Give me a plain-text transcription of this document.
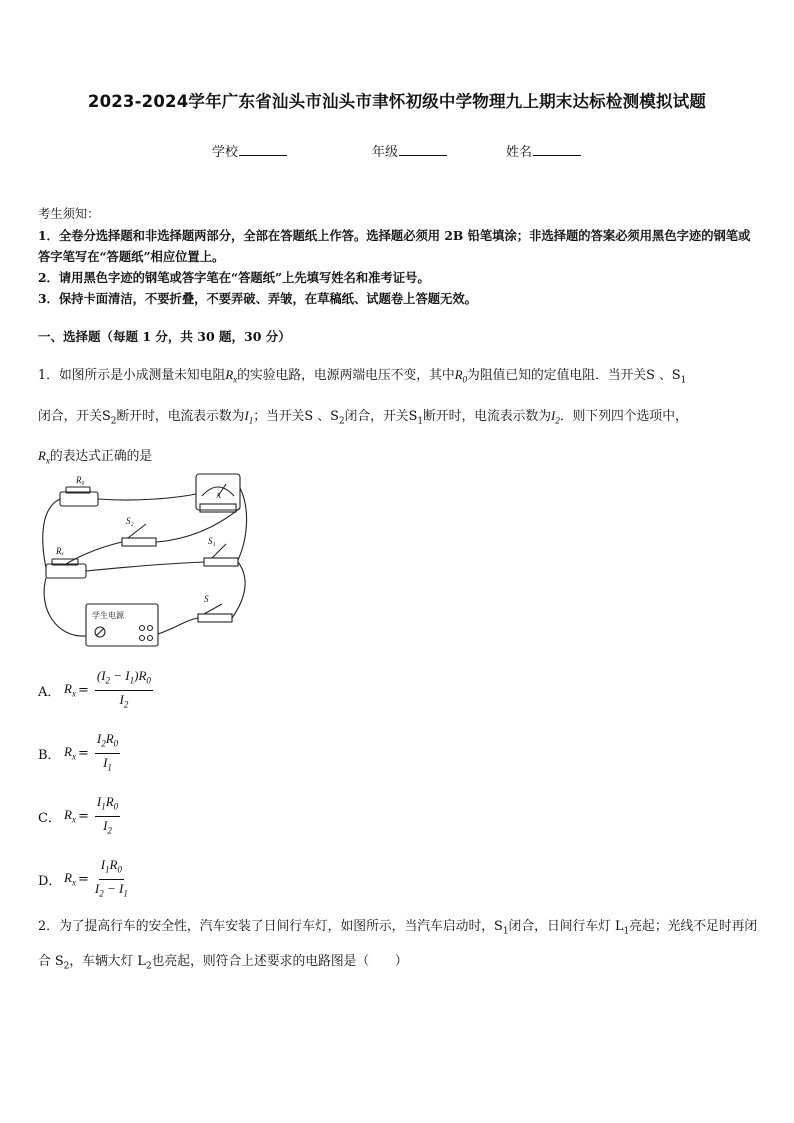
2023-2024学年广东省汕头市汕头市聿怀初级中学物理九上期末达标检测模拟试题
学校	年级	姓名
考生须知：
1．全卷分选择题和非选择题两部分，全部在答题纸上作答。选择题必须用 2B 铅笔填涂；非选择题的答案必须用黑色字迹的钢笔或答字笔写在“答题纸”相应位置上。
2．请用黑色字迹的钢笔或答字笔在“答题纸”上先填写姓名和准考证号。
3．保持卡面清洁，不要折叠，不要弄破、弄皱，在草稿纸、试题卷上答题无效。
一、选择题（每题 1 分，共 30 题，30 分）
1．如图所示是小成测量未知电阻$R_x$的实验电路，电源两端电压不变，其中$R_0$为阻值已知的定值电阻．当开关S 、$S_1$
闭合，开关$S_2$断开时，电流表示数为$I_1$；当开关S 、$S_2$闭合，开关$S_1$断开时，电流表示数为$I_2$．则下列四个选项中，
$R_x$的表达式正确的是
R₀
Rₓ
S₂
S₁
S
A
学生电源
A． $R_x = \frac{(I_2 - I_1)R_0}{I_2}$
B． $R_x = \frac{I_2R_0}{I_1}$
C． $R_x = \frac{I_1R_0}{I_2}$
D． $R_x = \frac{I_1R_0}{I_2 - I_1}$
2．为了提高行车的安全性，汽车安装了日间行车灯，如图所示，当汽车启动时，$S_1$闭合，日间行车灯 $L_1$亮起；光线不足时再闭合 $S_2$，车辆大灯 $L_2$也亮起，则符合上述要求的电路图是（　　）
